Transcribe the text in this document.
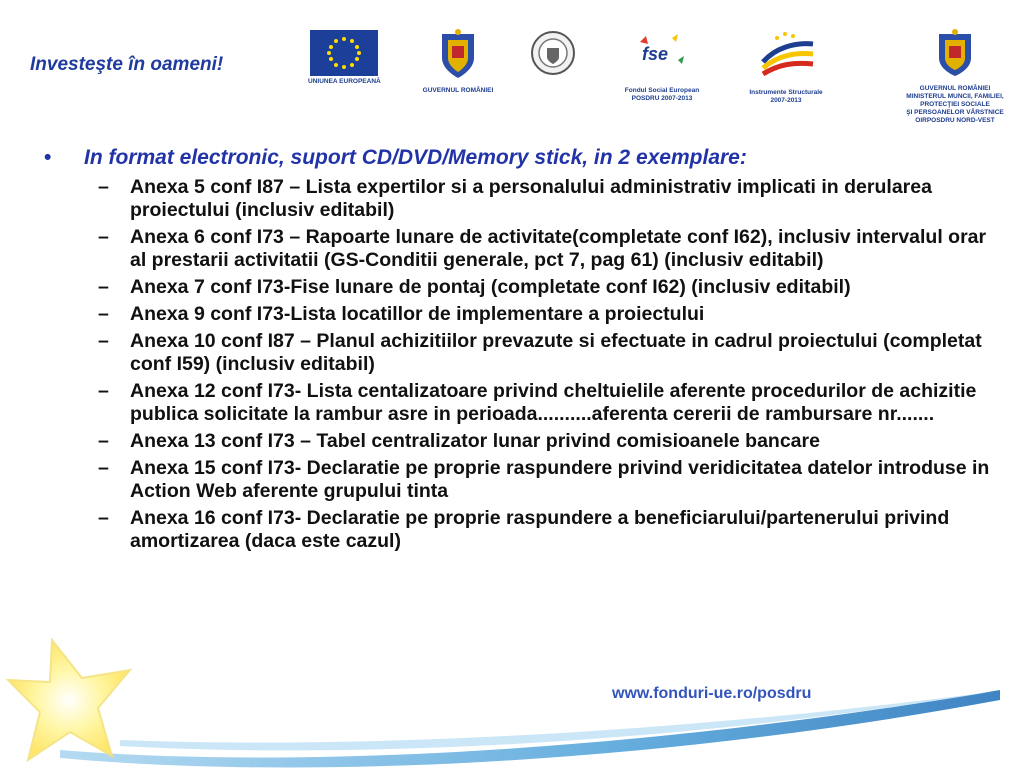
Investeşte în oameni!
UNIUNEA EUROPEANĂ
GUVERNUL ROMÂNIEI
fse
Fondul Social European
POSDRU 2007-2013
Instrumente Structurale
2007-2013
GUVERNUL ROMÂNIEI
MINISTERUL MUNCII, FAMILIEI,
PROTECŢIEI SOCIALE
ŞI PERSOANELOR VÂRSTNICE
OIRPOSDRU NORD-VEST
•	In format electronic, suport CD/DVD/Memory stick, in 2 exemplare:
– Anexa 5 conf I87 – Lista expertilor si a personalului administrativ implicati in derularea proiectului (inclusiv editabil)
– Anexa 6 conf I73 – Rapoarte lunare de activitate(completate conf I62), inclusiv intervalul orar al prestarii activitatii (GS-Conditii generale, pct 7, pag 61) (inclusiv editabil)
– Anexa 7 conf I73-Fise lunare de pontaj (completate conf I62) (inclusiv editabil)
– Anexa 9 conf I73-Lista locatillor de implementare a proiectului
– Anexa 10 conf I87 – Planul achizitiilor prevazute si efectuate in cadrul proiectului (completat conf I59) (inclusiv editabil)
– Anexa 12 conf I73- Lista centalizatoare privind cheltuielile aferente procedurilor de achizitie publica solicitate la rambur asre in perioada..........aferenta cererii de rambursare nr.......
– Anexa 13 conf I73 – Tabel centralizator lunar privind comisioanele bancare
– Anexa 15 conf I73- Declaratie pe proprie raspundere privind veridicitatea datelor introduse in Action Web aferente grupului tinta
– Anexa 16 conf I73- Declaratie pe proprie raspundere a beneficiarului/partenerului privind amortizarea (daca este cazul)
www.fonduri-ue.ro/posdru
